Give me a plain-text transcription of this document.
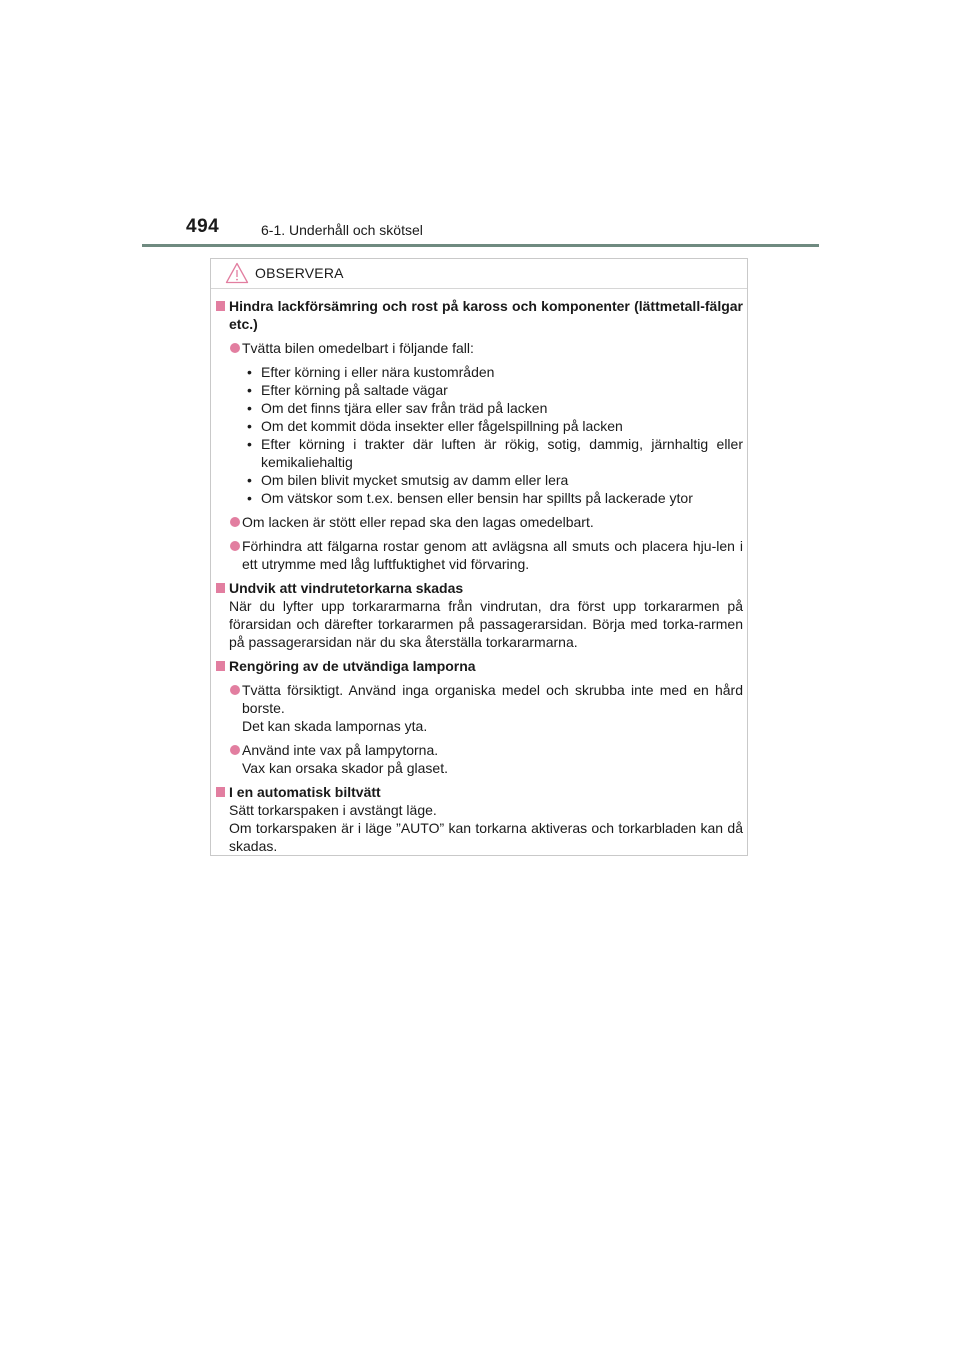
494	6-1. Underhåll och skötsel
OBSERVERA
Hindra lackförsämring och rost på kaross och komponenter (lättmetall-fälgar etc.)
Tvätta bilen omedelbart i följande fall:
• Efter körning i eller nära kustområden
• Efter körning på saltade vägar
• Om det finns tjära eller sav från träd på lacken
• Om det kommit döda insekter eller fågelspillning på lacken
• Efter körning i trakter där luften är rökig, sotig, dammig, järnhaltig eller kemikaliehaltig
• Om bilen blivit mycket smutsig av damm eller lera
• Om vätskor som t.ex. bensen eller bensin har spillts på lackerade ytor
Om lacken är stött eller repad ska den lagas omedelbart.
Förhindra att fälgarna rostar genom att avlägsna all smuts och placera hju-len i ett utrymme med låg luftfuktighet vid förvaring.
Undvik att vindrutetorkarna skadas
När du lyfter upp torkararmarna från vindrutan, dra först upp torkararmen på förarsidan och därefter torkararmen på passagerarsidan. Börja med torka-rarmen på passagerarsidan när du ska återställa torkararmarna.
Rengöring av de utvändiga lamporna
Tvätta försiktigt. Använd inga organiska medel och skrubba inte med en hård borste.
Det kan skada lampornas yta.
Använd inte vax på lampytorna.
Vax kan orsaka skador på glaset.
I en automatisk biltvätt
Sätt torkarspaken i avstängt läge.
Om torkarspaken är i läge ”AUTO” kan torkarna aktiveras och torkarbladen kan då skadas.
